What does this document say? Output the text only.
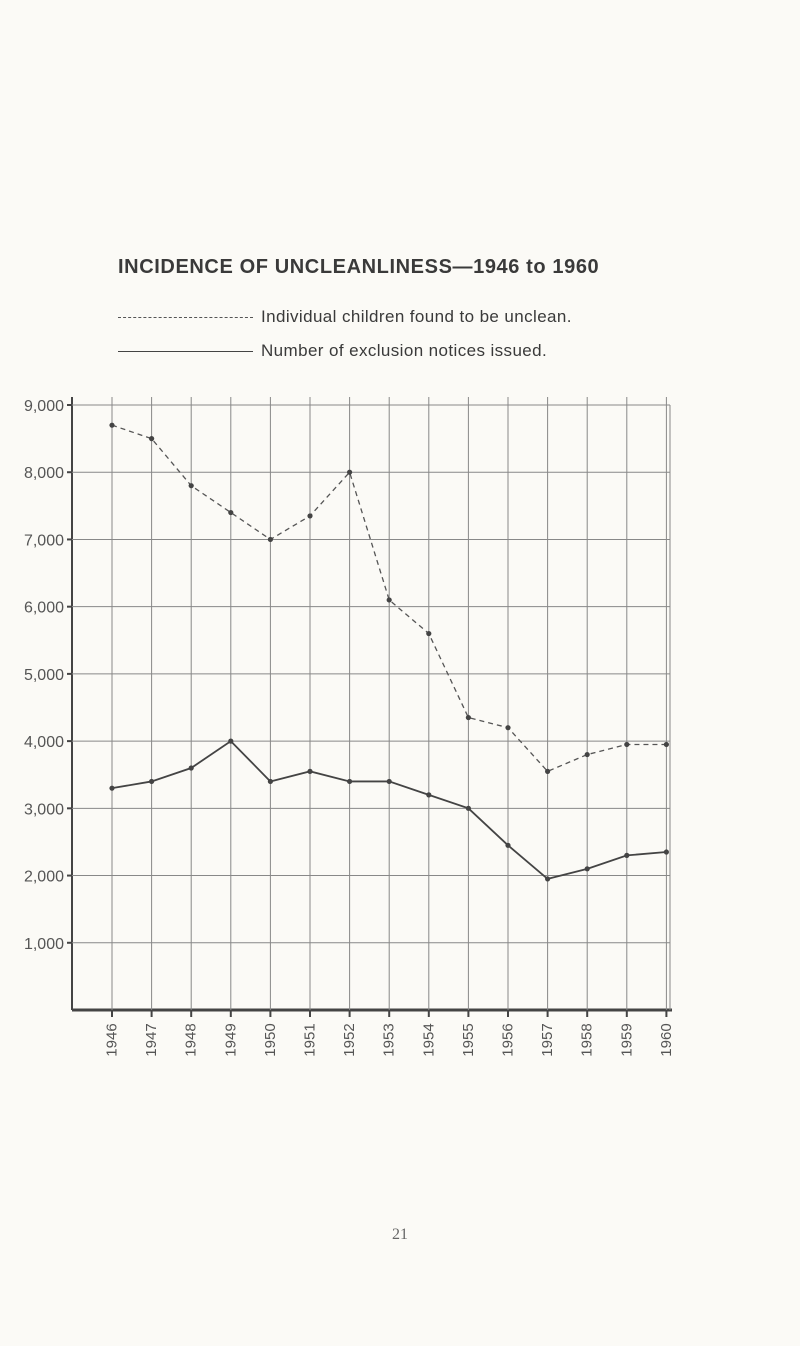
INCIDENCE OF UNCLEANLINESS—1946 to 1960
Individual children found to be unclean.
Number of exclusion notices issued.
1,000
2,000
3,000
4,000
5,000
6,000
7,000
8,000
9,000
1946 1947 1948 1949 1950 1951 1952 1953 1954 1955 1956 1957 1958 1959 1960
21
